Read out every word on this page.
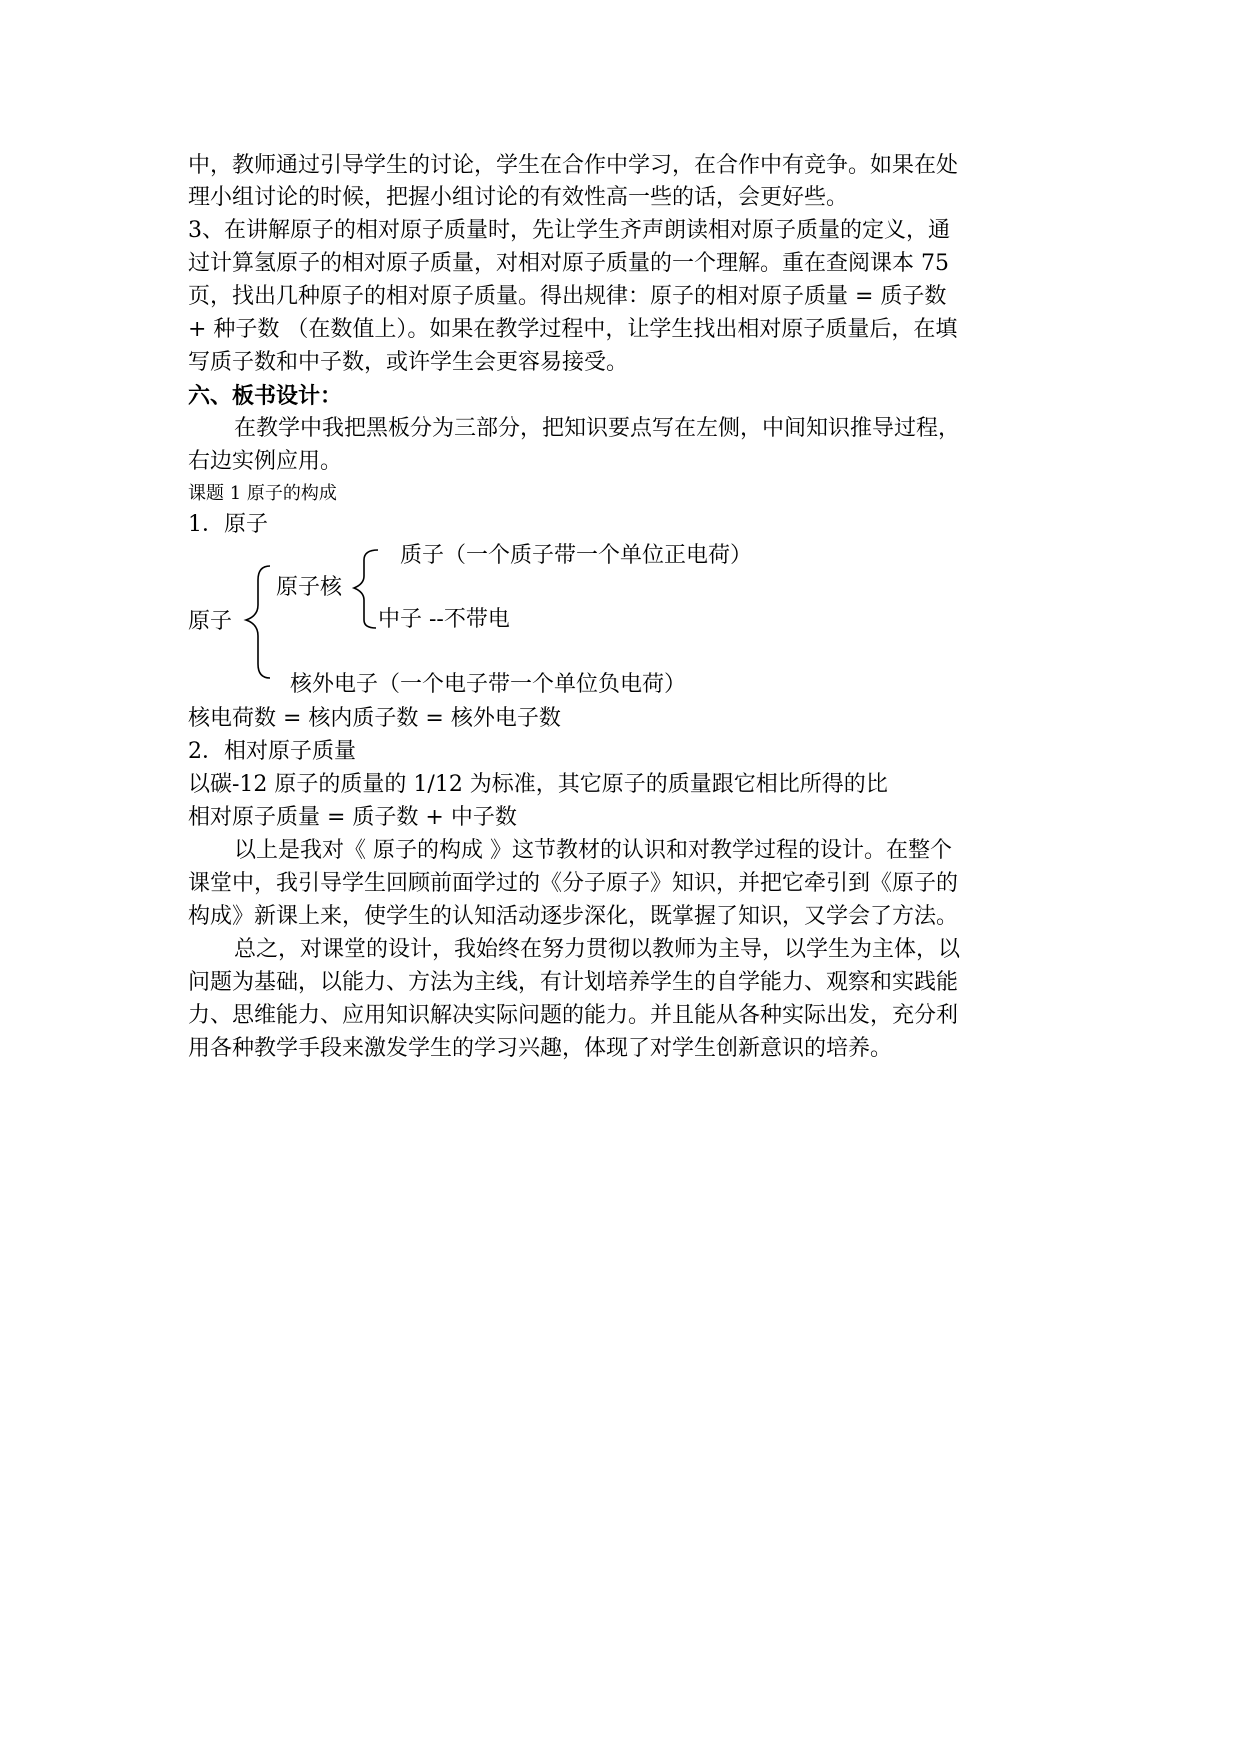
中，教师通过引导学生的讨论，学生在合作中学习，在合作中有竞争。如果在处
理小组讨论的时候，把握小组讨论的有效性高一些的话，会更好些。
3、在讲解原子的相对原子质量时，先让学生齐声朗读相对原子质量的定义，通
过计算氢原子的相对原子质量，对相对原子质量的一个理解。重在查阅课本 75
页，找出几种原子的相对原子质量。得出规律：原子的相对原子质量 = 质子数
+ 种子数 （在数值上）。如果在教学过程中，让学生找出相对原子质量后，在填
写质子数和中子数，或许学生会更容易接受。
六、板书设计：
在教学中我把黑板分为三部分，把知识要点写在左侧，中间知识推导过程，
右边实例应用。
课题 1 原子的构成
1．原子
原子
原子核
质子（一个质子带一个单位正电荷）
中子 --不带电
核外电子（一个电子带一个单位负电荷）
核电荷数 = 核内质子数 = 核外电子数
2．相对原子质量
以碳-12 原子的质量的 1/12 为标准，其它原子的质量跟它相比所得的比
相对原子质量 = 质子数 + 中子数
以上是我对《 原子的构成 》这节教材的认识和对教学过程的设计。在整个
课堂中，我引导学生回顾前面学过的《分子原子》知识，并把它牵引到《原子的
构成》新课上来，使学生的认知活动逐步深化，既掌握了知识，又学会了方法。
总之，对课堂的设计，我始终在努力贯彻以教师为主导，以学生为主体，以
问题为基础，以能力、方法为主线，有计划培养学生的自学能力、观察和实践能
力、思维能力、应用知识解决实际问题的能力。并且能从各种实际出发，充分利
用各种教学手段来激发学生的学习兴趣，体现了对学生创新意识的培养。
